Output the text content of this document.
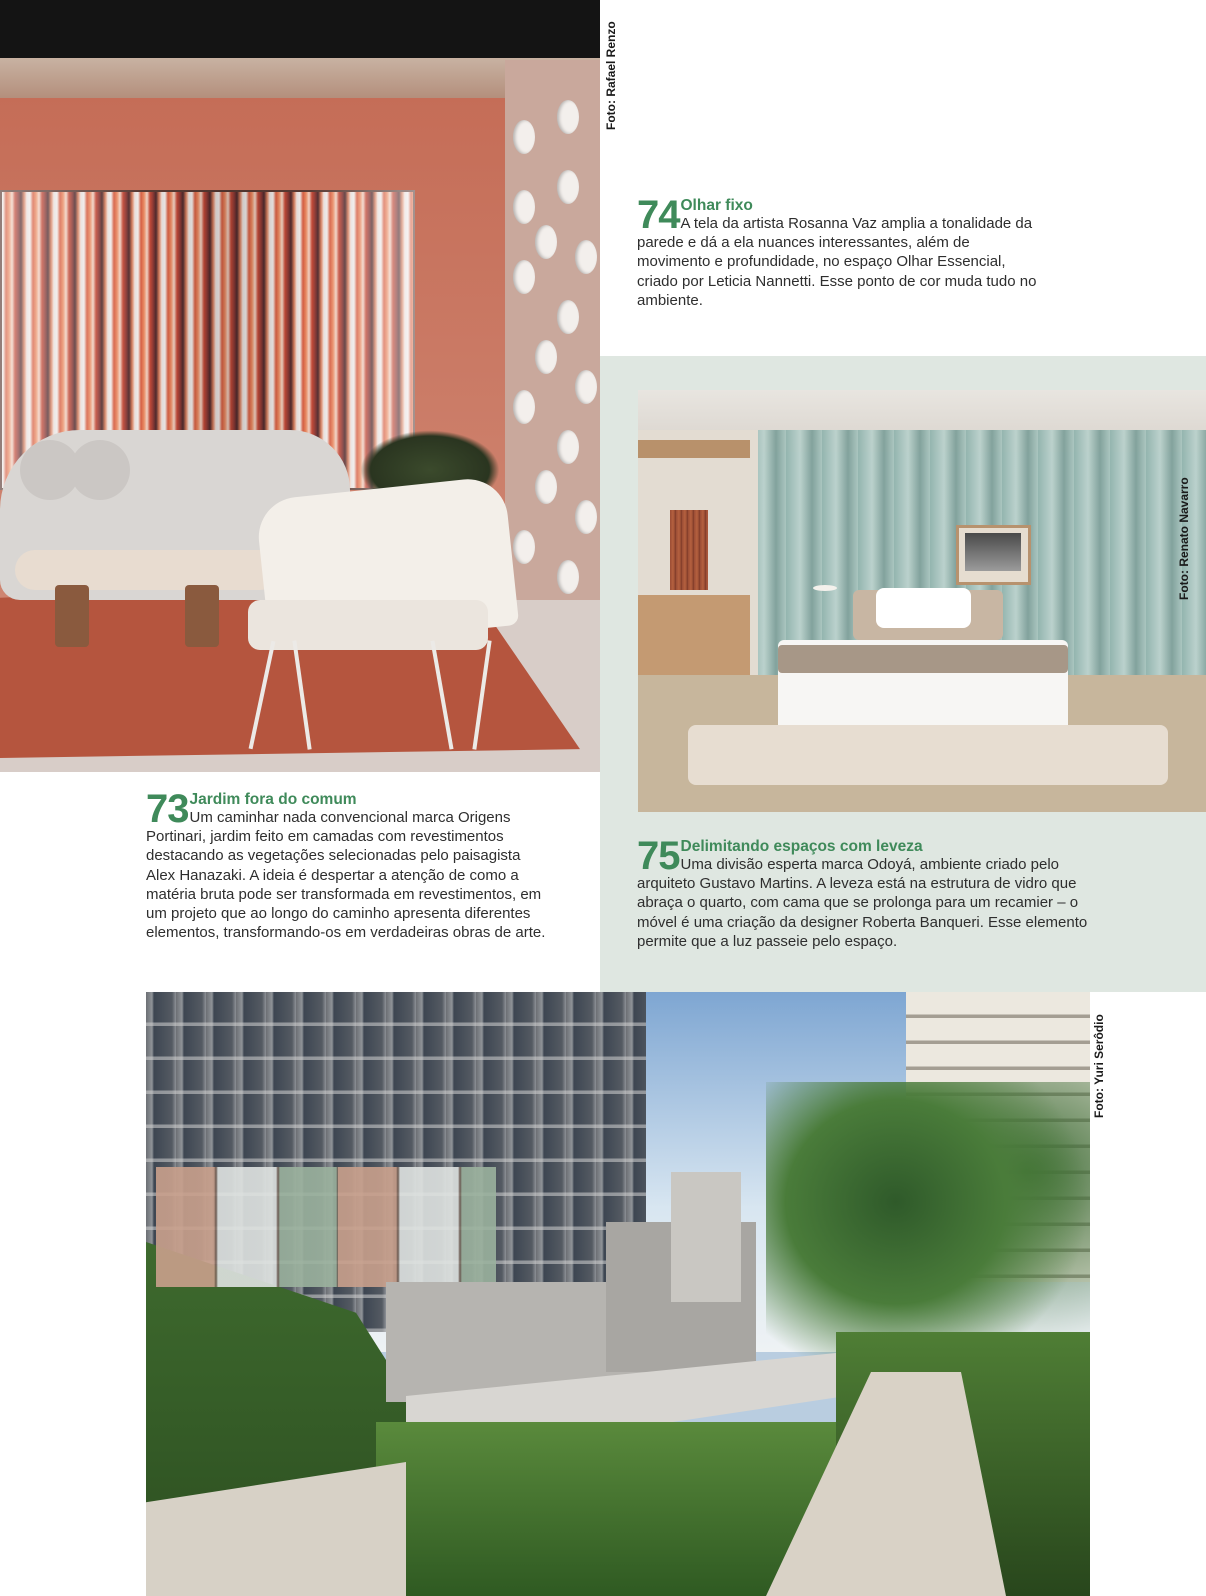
Foto: Rafael Renzo
Foto: Renato Navarro
Foto: Yuri Serôdio
74 Olhar fixo
A tela da artista Rosanna Vaz amplia a tonalidade da parede e dá a ela nuances interessantes, além de movimento e profundidade, no espaço Olhar Essencial, criado por Leticia Nannetti. Esse ponto de cor muda tudo no ambiente.
73 Jardim fora do comum
Um caminhar nada convencional marca Origens Portinari, jardim feito em camadas com revestimentos destacando as vegetações selecionadas pelo paisagista Alex Hanazaki. A ideia é despertar a atenção de como a matéria bruta pode ser transformada em revestimentos, em um projeto que ao longo do caminho apresenta diferentes elementos, transformando-os em verdadeiras obras de arte.
75 Delimitando espaços com leveza
Uma divisão esperta marca Odoyá, ambiente criado pelo arquiteto Gustavo Martins. A leveza está na estrutura de vidro que abraça o quarto, com cama que se prolonga para um recamier – o móvel é uma criação da designer Roberta Banqueri. Esse elemento permite que a luz passeie pelo espaço.
